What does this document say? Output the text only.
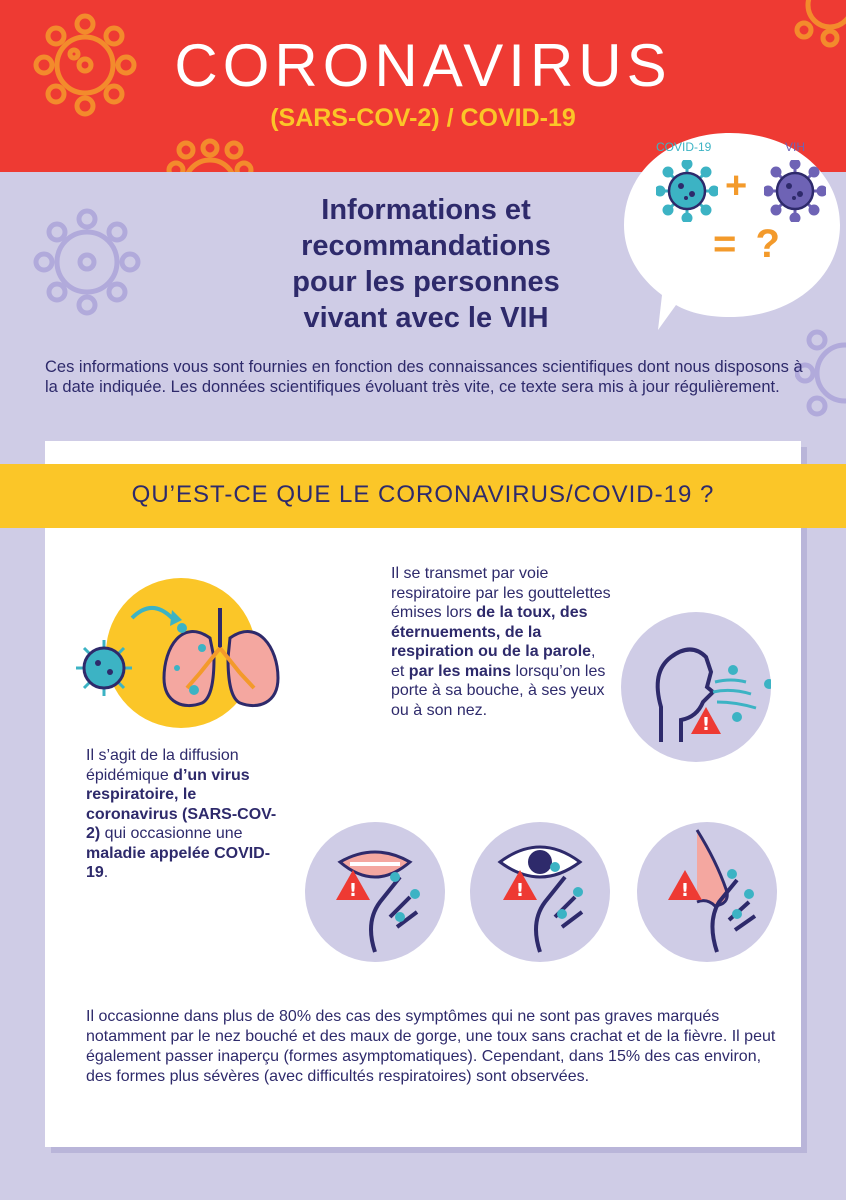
CORONAVIRUS
(SARS-COV-2) / COVID-19
Informations et
recommandations
pour les personnes
vivant avec le VIH
COVID-19	VIH
+
= ?
Ces informations vous sont fournies en fonction des connaissances scientifiques dont nous disposons à la date indiquée. Les données scientifiques évoluant très vite, ce texte sera mis à jour régulièrement.
QU’EST-CE QUE LE CORONAVIRUS/COVID-19 ?
Il s’agit de la diffusion épidémique d’un virus respiratoire, le coronavirus (SARS-COV-2) qui occasionne une maladie appelée COVID-19.
Il se transmet par voie respiratoire par les gouttelettes émises lors de la toux, des éternuements, de la respiration ou de la parole, et par les mains lorsqu’on les porte à sa bouche, à ses yeux ou à son nez.
!
!	!	!
Il occasionne dans plus de 80% des cas des symptômes qui ne sont pas graves marqués notamment par le nez bouché et des maux de gorge, une toux sans crachat et de la fièvre. Il peut également passer inaperçu (formes asymptomatiques). Cependant, dans 15% des cas environ, des formes plus sévères (avec difficultés respiratoires) sont observées.
